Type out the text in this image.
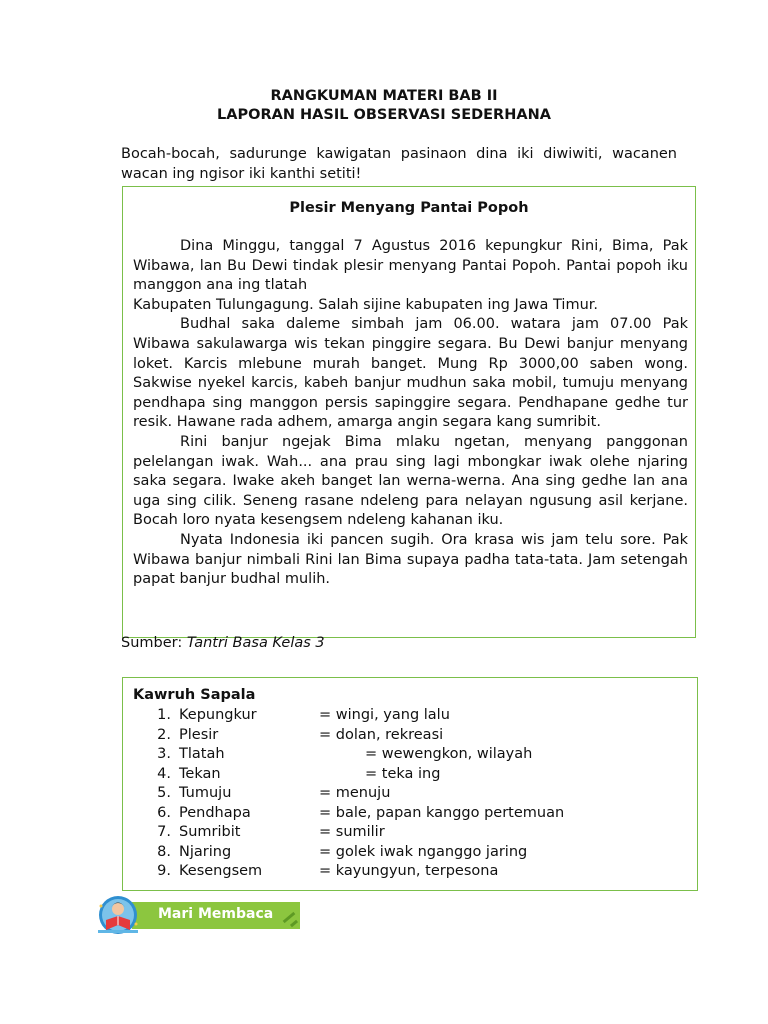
RANGKUMAN MATERI BAB II
LAPORAN HASIL OBSERVASI SEDERHANA
Bocah-bocah, sadurunge kawigatan pasinaon dina iki diwiwiti, wacanen wacan ing ngisor iki kanthi setiti!
Plesir Menyang Pantai Popoh

Dina Minggu, tanggal 7 Agustus 2016 kepungkur Rini, Bima, Pak Wibawa, lan Bu Dewi tindak plesir menyang Pantai Popoh. Pantai popoh iku manggon ana ing tlatah

Kabupaten Tulungagung. Salah sijine kabupaten ing Jawa Timur.

Budhal saka daleme simbah jam 06.00. watara jam 07.00 Pak Wibawa sakulawarga wis tekan pinggire segara. Bu Dewi banjur menyang loket. Karcis mlebune murah banget. Mung Rp 3000,00 saben wong. Sakwise nyekel karcis, kabeh banjur mudhun saka mobil, tumuju menyang pendhapa sing manggon persis sapinggire segara. Pendhapane gedhe tur resik. Hawane rada adhem, amarga angin segara kang sumribit.

Rini banjur ngejak Bima mlaku ngetan, menyang panggonan pelelangan iwak. Wah... ana prau sing lagi mbongkar iwak olehe njaring saka segara. Iwake akeh banget lan werna-werna. Ana sing gedhe lan ana uga sing cilik. Seneng rasane ndeleng para nelayan ngusung asil kerjane. Bocah loro nyata kesengsem ndeleng kahanan iku.

Nyata Indonesia iki pancen sugih. Ora krasa wis jam telu sore. Pak Wibawa banjur nimbali Rini lan Bima supaya padha tata-tata. Jam setengah papat banjur budhal mulih.

Sumber: Tantri Basa Kelas 3
Kawruh Sapala
1. Kepungkur	= wingi, yang lalu
2. Plesir	= dolan, rekreasi
3. Tlatah	= wewengkon, wilayah
4. Tekan	= teka ing
5. Tumuju	= menuju
6. Pendhapa	= bale, papan kanggo pertemuan
7. Sumribit	= sumilir
8. Njaring	= golek iwak nganggo jaring
9. Kesengsem	= kayungyun, terpesona
Mari Membaca
